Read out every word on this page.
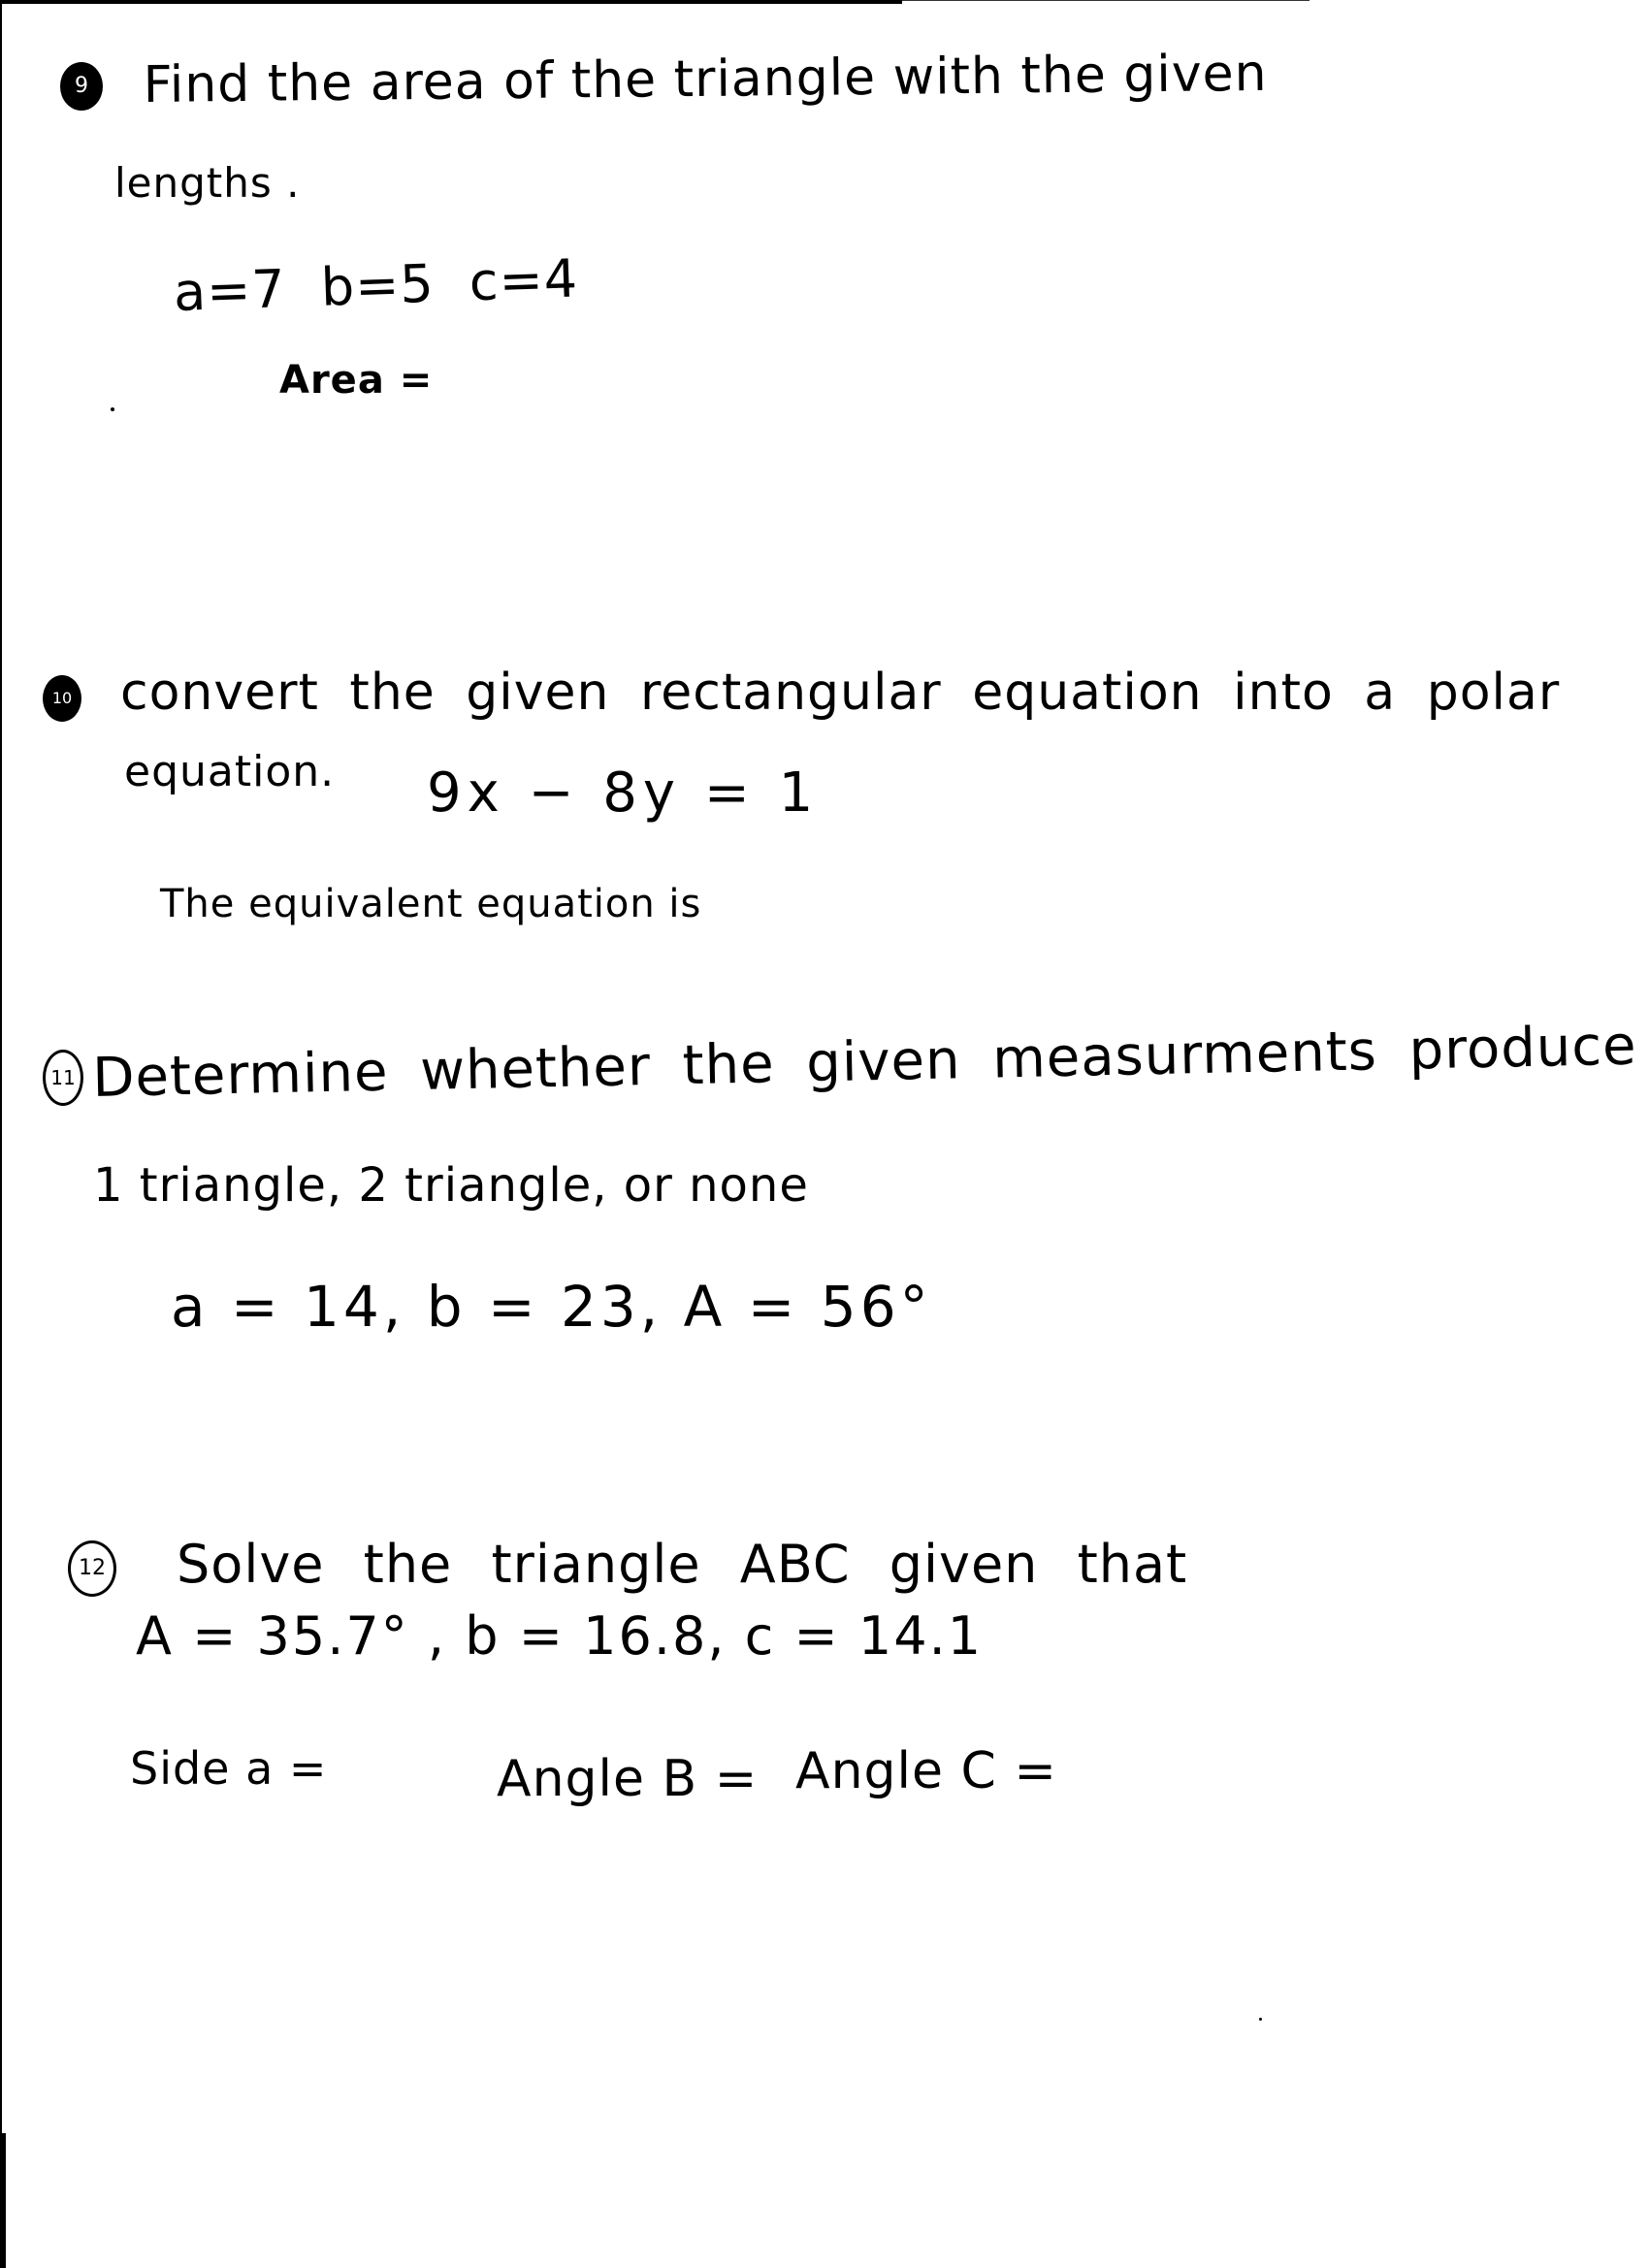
9 Find the area of the triangle with the given
lengths .
a=7 b=5 c=4
Area =
10 convert the given rectangular equation into a polar
equation. 9x − 8y = 1
The equivalent equation is
11 Determine whether the given measurments produce
1 triangle, 2 triangle, or none
a = 14, b = 23, A = 56°
12 Solve the triangle ABC given that
A = 35.7° , b = 16.8, c = 14.1
Side a =	Angle B = Angle C =
